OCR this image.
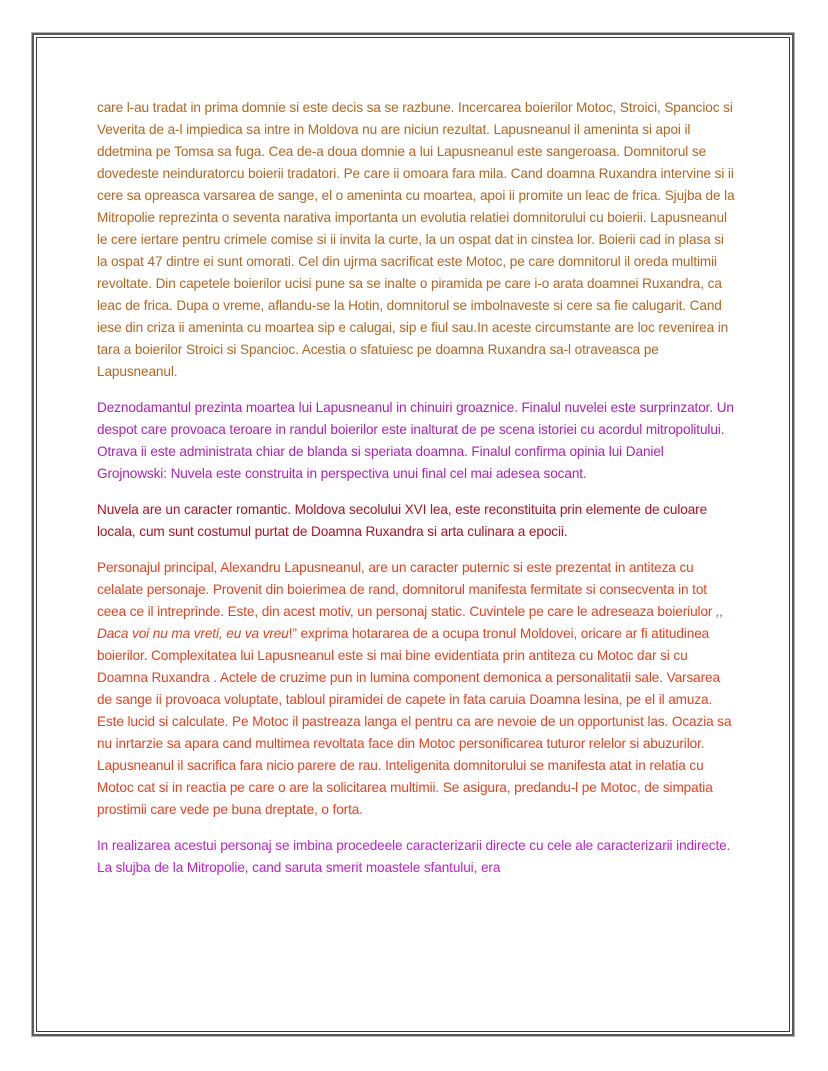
care l-au tradat in prima domnie si este decis sa se razbune. Incercarea boierilor Motoc, Stroici, Spancioc si Veverita de a-l impiedica sa intre in Moldova nu are niciun rezultat. Lapusneanul il ameninta si apoi il ddetmina pe Tomsa sa fuga. Cea de-a doua domnie a lui Lapusneanul este sangeroasa. Domnitorul se dovedeste neinduratorcu boierii tradatori. Pe care ii omoara fara mila. Cand doamna Ruxandra intervine si ii cere sa opreasca varsarea de sange, el o ameninta cu moartea, apoi ii promite un leac de frica. Sjujba de la Mitropolie reprezinta o seventa narativa importanta un evolutia relatiei domnitorului cu boierii. Lapusneanul le cere iertare pentru crimele comise si ii invita la curte, la un ospat dat in cinstea lor. Boierii cad in plasa si la ospat 47 dintre ei sunt omorati. Cel din ujrma sacrificat este Motoc, pe care domnitorul il oreda multimii revoltate. Din capetele boierilor ucisi pune sa se inalte o piramida pe care i-o arata doamnei Ruxandra, ca leac de frica. Dupa o vreme, aflandu-se la Hotin, domnitorul se imbolnaveste si cere sa fie calugarit. Cand iese din criza ii ameninta cu moartea sip e calugai, sip e fiul sau.In aceste circumstante are loc revenirea in tara a boierilor Stroici si Spancioc. Acestia o sfatuiesc pe doamna Ruxandra sa-l otraveasca pe Lapusneanul.

Deznodamantul prezinta moartea lui Lapusneanul in chinuiri groaznice. Finalul nuvelei este surprinzator. Un despot care provoaca teroare in randul boierilor este inalturat de pe scena istoriei cu acordul mitropolitului. Otrava ii este administrata chiar de blanda si speriata doamna. Finalul confirma opinia lui Daniel Grojnowski: Nuvela este construita in perspectiva unui final cel mai adesea socant.

Nuvela are un caracter romantic. Moldova secolului XVI lea, este reconstituita prin elemente de culoare locala, cum sunt costumul purtat de Doamna Ruxandra si arta culinara a epocii.

Personajul principal, Alexandru Lapusneanul, are un caracter puternic si este prezentat in antiteza cu celalate personaje. Provenit din boierimea de rand, domnitorul manifesta fermitate si consecventa in tot ceea ce il intreprinde. Este, din acest motiv, un personaj static. Cuvintele pe care le adreseaza boieriulor ,, Daca voi nu ma vreti, eu va vreu!” exprima hotararea de a ocupa tronul Moldovei, oricare ar fi atitudinea boierilor. Complexitatea lui Lapusneanul este si mai bine evidentiata prin antiteza cu Motoc dar si cu Doamna Ruxandra . Actele de cruzime pun in lumina component demonica a personalitatii sale. Varsarea de sange ii provoaca voluptate, tabloul piramidei de capete in fata caruia Doamna lesina, pe el il amuza. Este lucid si calculate. Pe Motoc il pastreaza langa el pentru ca are nevoie de un opportunist las. Ocazia sa nu inrtarzie sa apara cand multimea revoltata face din Motoc personificarea tuturor relelor si abuzurilor. Lapusneanul il sacrifica fara nicio parere de rau. Inteligenita domnitorului se manifesta atat in relatia cu Motoc cat si in reactia pe care o are la solicitarea multimii. Se asigura, predandu-l pe Motoc, de simpatia prostimii care vede pe buna dreptate, o forta.

In realizarea acestui personaj se imbina procedeele caracterizarii directe cu cele ale caracterizarii indirecte. La slujba de la Mitropolie, cand saruta smerit moastele sfantului, era
